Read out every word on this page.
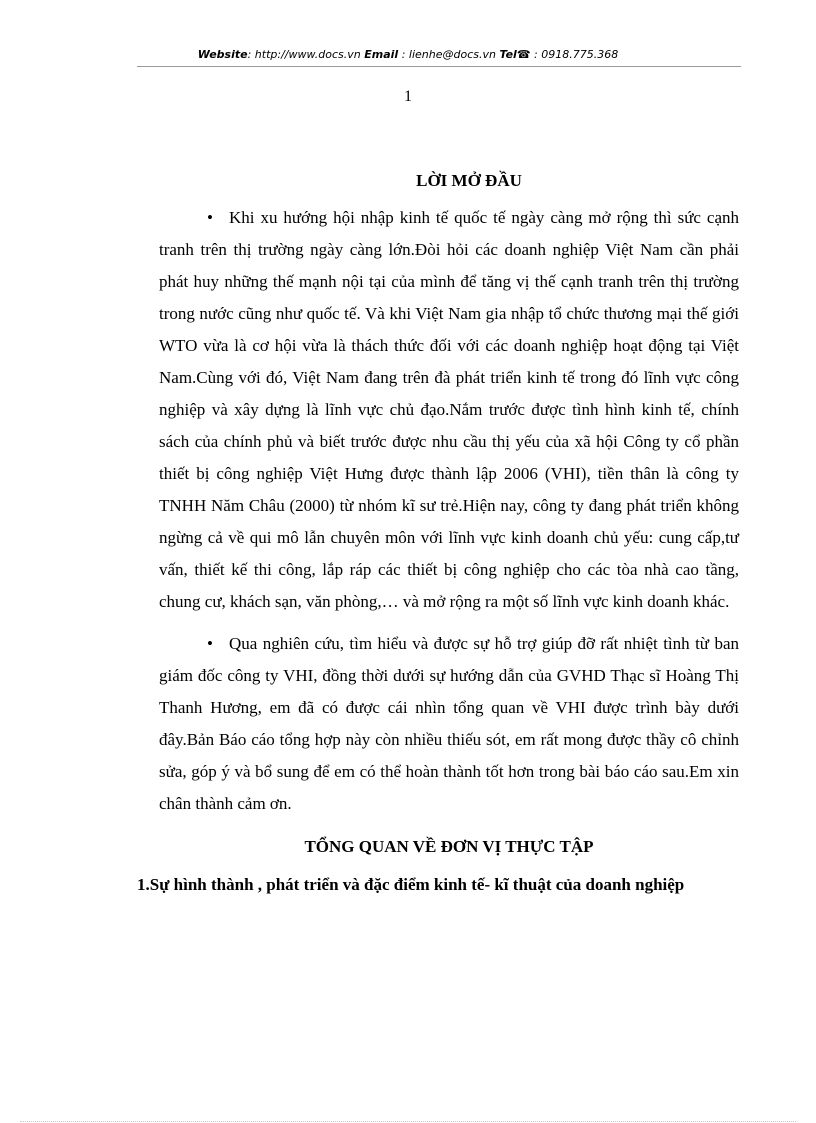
Website: http://www.docs.vn Email : lienhe@docs.vn Tel☎ : 0918.775.368
1
LỜI MỞ ĐẦU

• Khi xu hướng hội nhập kinh tế quốc tế ngày càng mở rộng thì sức cạnh tranh trên thị trường ngày càng lớn.Đòi hỏi các doanh nghiệp Việt Nam cần phải phát huy những thế mạnh nội tại của mình để tăng vị thế cạnh tranh trên thị trường trong nước cũng như quốc tế. Và khi Việt Nam gia nhập tổ chức thương mại thế giới WTO vừa là cơ hội vừa là thách thức đối với các doanh nghiệp hoạt động tại Việt Nam.Cùng với đó, Việt Nam đang trên đà phát triển kinh tế trong đó lĩnh vực công nghiệp và xây dựng là lĩnh vực chủ đạo.Nắm trước được tình hình kinh tế, chính sách của chính phủ và biết trước được nhu cầu thị yếu của xã hội Công ty cổ phần thiết bị công nghiệp Việt Hưng được thành lập 2006 (VHI), tiền thân là công ty TNHH Năm Châu (2000) từ nhóm kĩ sư trẻ.Hiện nay, công ty đang phát triển không ngừng cả về qui mô lẫn chuyên môn với lĩnh vực kinh doanh chủ yếu: cung cấp,tư vấn, thiết kế thi công, lắp ráp các thiết bị công nghiệp cho các tòa nhà cao tầng, chung cư, khách sạn, văn phòng,… và mở rộng ra một số lĩnh vực kinh doanh khác.

• Qua nghiên cứu, tìm hiểu và được sự hỗ trợ giúp đỡ rất nhiệt tình từ ban giám đốc công ty VHI, đồng thời dưới sự hướng dẫn của GVHD Thạc sĩ Hoàng Thị Thanh Hương, em đã có được cái nhìn tổng quan về VHI được trình bày dưới đây.Bản Báo cáo tổng hợp này còn nhiều thiếu sót, em rất mong được thầy cô chỉnh sửa, góp ý và bổ sung để em có thể hoàn thành tốt hơn trong bài báo cáo sau.Em xin chân thành cảm ơn.

TỔNG QUAN VỀ ĐƠN VỊ THỰC TẬP
1.Sự hình thành , phát triển và đặc điểm kinh tế- kĩ thuật của doanh nghiệp
